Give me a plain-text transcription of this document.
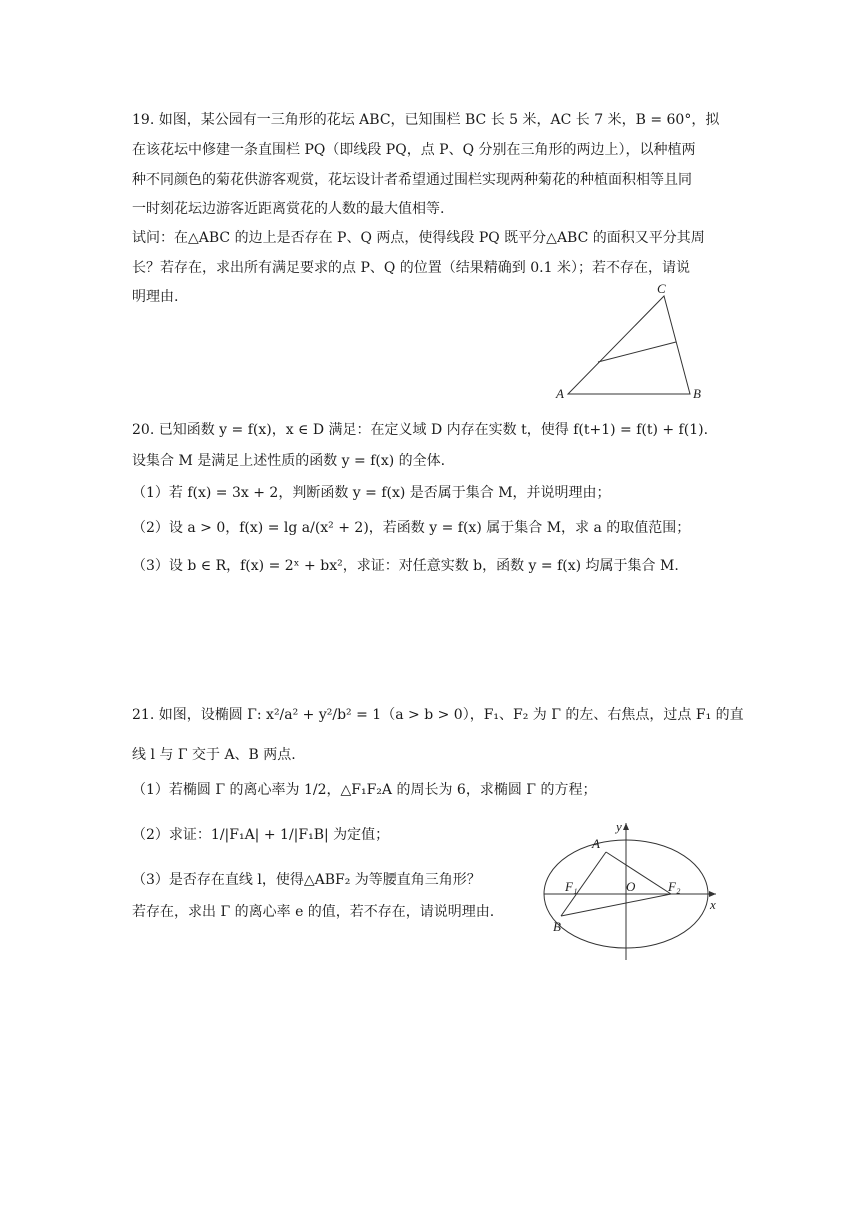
19. 如图，某公园有一三角形的花坛 ABC，已知围栏 BC 长 5 米，AC 长 7 米，B = 60°，拟
在该花坛中修建一条直围栏 PQ（即线段 PQ，点 P、Q 分别在三角形的两边上），以种植两
种不同颜色的菊花供游客观赏，花坛设计者希望通过围栏实现两种菊花的种植面积相等且同
一时刻花坛边游客近距离赏花的人数的最大值相等.
试问：在△ABC 的边上是否存在 P、Q 两点，使得线段 PQ 既平分△ABC 的面积又平分其周
长？若存在，求出所有满足要求的点 P、Q 的位置（结果精确到 0.1 米）；若不存在，请说
明理由.
A	B
C
20. 已知函数 y = f(x)，x ∈ D 满足：在定义域 D 内存在实数 t，使得 f(t+1) = f(t) + f(1).
设集合 M 是满足上述性质的函数 y = f(x) 的全体.
（1）若 f(x) = 3x + 2，判断函数 y = f(x) 是否属于集合 M，并说明理由；
（2）设 a > 0，f(x) = lg a/(x² + 2)，若函数 y = f(x) 属于集合 M，求 a 的取值范围；
（3）设 b ∈ R，f(x) = 2ˣ + bx²，求证：对任意实数 b，函数 y = f(x) 均属于集合 M.
21. 如图，设椭圆 Γ: x²/a² + y²/b² = 1（a > b > 0），F₁、F₂ 为 Γ 的左、右焦点，过点 F₁ 的直
线 l 与 Γ 交于 A、B 两点.
（1）若椭圆 Γ 的离心率为 1/2，△F₁F₂A 的周长为 6，求椭圆 Γ 的方程；
（2）求证：1/|F₁A| + 1/|F₁B| 为定值；
（3）是否存在直线 l，使得△ABF₂ 为等腰直角三角形？
若存在，求出 Γ 的离心率 e 的值，若不存在，请说明理由.
y
x
A
B
O
F₁	F₂
